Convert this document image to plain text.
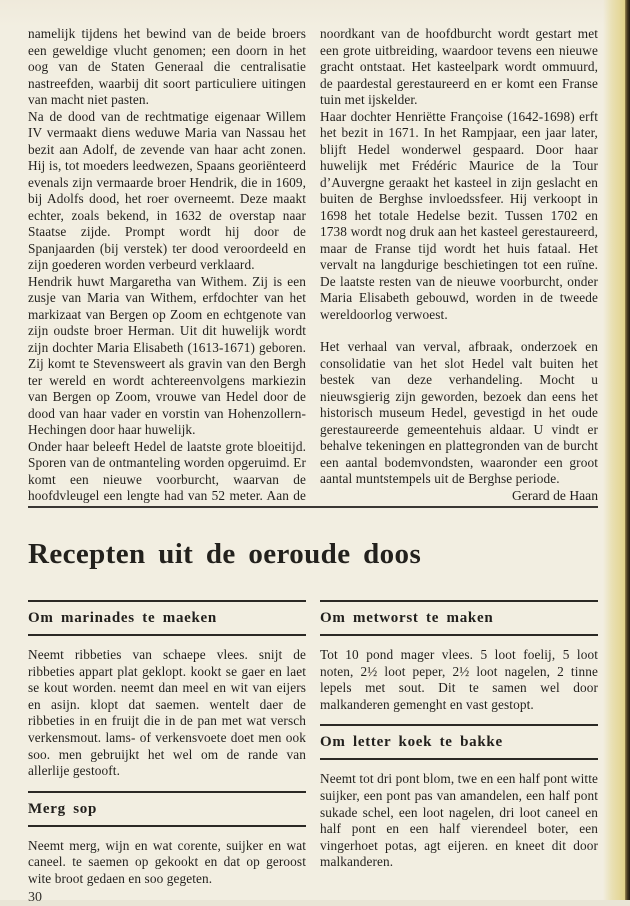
namelijk tijdens het bewind van de beide broers een geweldige vlucht genomen; een doorn in het oog van de Staten Generaal die centralisatie nastreefden, waarbij dit soort particuliere uitingen van macht niet pasten.

Na de dood van de rechtmatige eigenaar Willem IV vermaakt diens weduwe Maria van Nassau het bezit aan Adolf, de zevende van haar acht zonen. Hij is, tot moeders leedwezen, Spaans georiënteerd evenals zijn vermaarde broer Hendrik, die in 1609, bij Adolfs dood, het roer overneemt. Deze maakt echter, zoals bekend, in 1632 de overstap naar Staatse zijde. Prompt wordt hij door de Spanjaarden (bij verstek) ter dood veroordeeld en zijn goederen worden verbeurd verklaard.

Hendrik huwt Margaretha van Withem. Zij is een zusje van Maria van Withem, erfdochter van het markizaat van Bergen op Zoom en echtgenote van zijn oudste broer Herman. Uit dit huwelijk wordt zijn dochter Maria Elisabeth (1613-1671) geboren. Zij komt te Stevensweert als gravin van den Bergh ter wereld en wordt achtereenvolgens markiezin van Bergen op Zoom, vrouwe van Hedel door de dood van haar vader en vorstin van Hohenzollern-Hechingen door haar huwelijk.

Onder haar beleeft Hedel de laatste grote bloeitijd. Sporen van de ontmanteling worden opgeruimd. Er komt een nieuwe voorburcht, waarvan de hoofdvleugel een lengte had van 52 meter. Aan de

noordkant van de hoofdburcht wordt gestart met een grote uitbreiding, waardoor tevens een nieuwe gracht ontstaat. Het kasteelpark wordt ommuurd, de paardestal gerestaureerd en er komt een Franse tuin met ijskelder.

Haar dochter Henriëtte Françoise (1642-1698) erft het bezit in 1671. In het Rampjaar, een jaar later, blijft Hedel wonderwel gespaard. Door haar huwelijk met Frédéric Maurice de la Tour d’Auvergne geraakt het kasteel in zijn geslacht en buiten de Berghse invloedssfeer. Hij verkoopt in 1698 het totale Hedelse bezit. Tussen 1702 en 1738 wordt nog druk aan het kasteel gerestaureerd, maar de Franse tijd wordt het huis fataal. Het vervalt na langdurige beschietingen tot een ruïne. De laatste resten van de nieuwe voorburcht, onder Maria Elisabeth gebouwd, worden in de tweede wereldoorlog verwoest.

Het verhaal van verval, afbraak, onderzoek en consolidatie van het slot Hedel valt buiten het bestek van deze verhandeling. Mocht u nieuwsgierig zijn geworden, bezoek dan eens het historisch museum Hedel, gevestigd in het oude gerestaureerde gemeentehuis aldaar. U vindt er behalve tekeningen en plattegronden van de burcht een aantal bodemvondsten, waaronder een groot aantal muntstempels uit de Berghse periode.

Gerard de Haan
Recepten uit de oeroude doos
Om marinades te maeken

Neemt ribbeties van schaepe vlees. snijt de ribbeties appart plat geklopt. kookt se gaer en laet se kout worden. neemt dan meel en wit van eijers en asijn. klopt dat saemen. wentelt daer de ribbeties in en fruijt die in de pan met wat versch verkensmout. lams- of verkensvoete doet men ook soo. men gebruijkt het wel om de rande van allerlije gestooft.

Merg sop

Neemt merg, wijn en wat corente, suijker en wat caneel. te saemen op gekookt en dat op geroost wite broot gedaen en soo gegeten.

30
Om metworst te maken

Tot 10 pond mager vlees. 5 loot foelij, 5 loot noten, 2½ loot peper, 2½ loot nagelen, 2 tinne lepels met sout. Dit te samen wel door malkanderen gemenght en vast gestopt.

Om letter koek te bakke

Neemt tot dri pont blom, twe en een half pont witte suijker, een pont pas van amandelen, een half pont sukade schel, een loot nagelen, dri loot caneel en half pont en een half vierendeel boter, een vingerhoet potas, agt eijeren. en kneet dit door malkanderen.
